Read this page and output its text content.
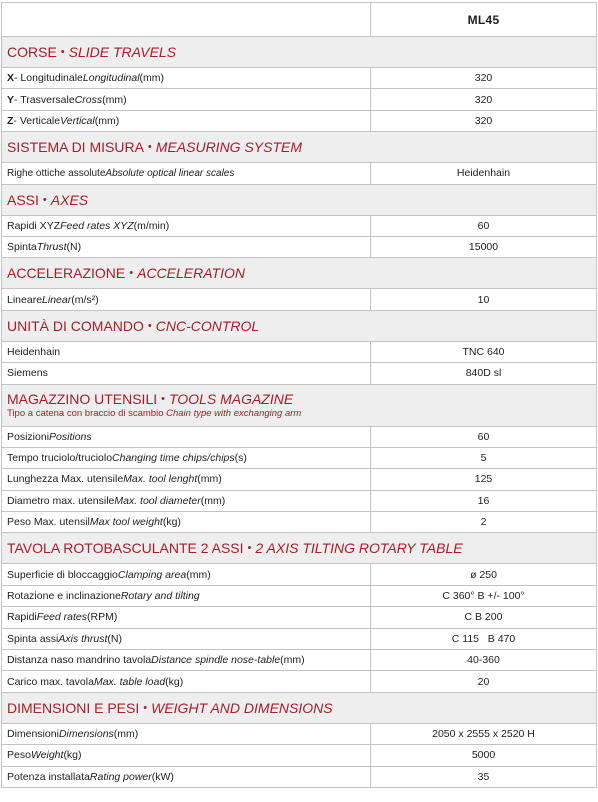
ML45
CORSE • SLIDE TRAVELS
X - Longitudinale Longitudinal (mm)	320
Y - Trasversale Cross (mm)	320
Z - Verticale Vertical (mm)	320
SISTEMA DI MISURA • MEASURING SYSTEM
Righe ottiche assolute Absolute optical linear scales	Heidenhain
ASSI • AXES
Rapidi XYZ Feed rates XYZ (m/min)	60
Spinta Thrust (N)	15000
ACCELERAZIONE • ACCELERATION
Lineare Linear (m/s²)	10
UNITÀ DI COMANDO • CNC-CONTROL
Heidenhain	TNC 640
Siemens	840D sl
MAGAZZINO UTENSILI • TOOLS MAGAZINE
Tipo a catena con braccio di scambio Chain type with exchanging arm
Posizioni Positions	60
Tempo truciolo/truciolo Changing time chips/chips (s)	5
Lunghezza Max. utensile Max. tool lenght (mm)	125
Diametro max. utensile Max. tool diameter (mm)	16
Peso Max. utensil Max tool weight (kg)	2
TAVOLA ROTOBASCULANTE 2 ASSI • 2 AXIS TILTING ROTARY TABLE
Superficie di bloccaggio Clamping area (mm)	ø 250
Rotazione e inclinazione Rotary and tilting	C 360° B +/- 100°
Rapidi Feed rates (RPM)	C B 200
Spinta assi Axis thrust (N)	C 115   B 470
Distanza naso mandrino tavola Distance spindle nose-table (mm)	40-360
Carico max. tavola Max. table load (kg)	20
DIMENSIONI E PESI • WEIGHT AND DIMENSIONS
Dimensioni Dimensions (mm)	2050 x 2555 x 2520 H
Peso Weight (kg)	5000
Potenza installata Rating power (kW)	35
